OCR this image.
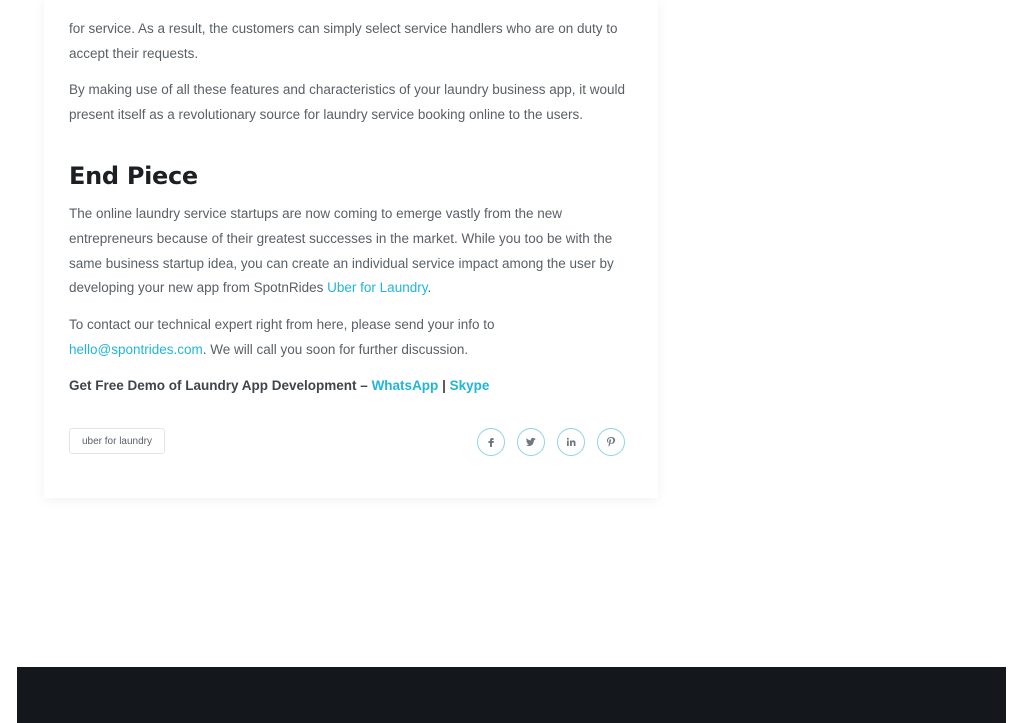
for service. As a result, the customers can simply select service handlers who are on duty to accept their requests.

By making use of all these features and characteristics of your laundry business app, it would present itself as a revolutionary source for laundry service booking online to the users.

End Piece

The online laundry service startups are now coming to emerge vastly from the new entrepreneurs because of their greatest successes in the market. While you too be with the same business startup idea, you can create an individual service impact among the user by developing your new app from SpotnRides Uber for Laundry.

To contact our technical expert right from here, please send your info to hello@spontrides.com. We will call you soon for further discussion.

Get Free Demo of Laundry App Development – WhatsApp | Skype

uber for laundry
